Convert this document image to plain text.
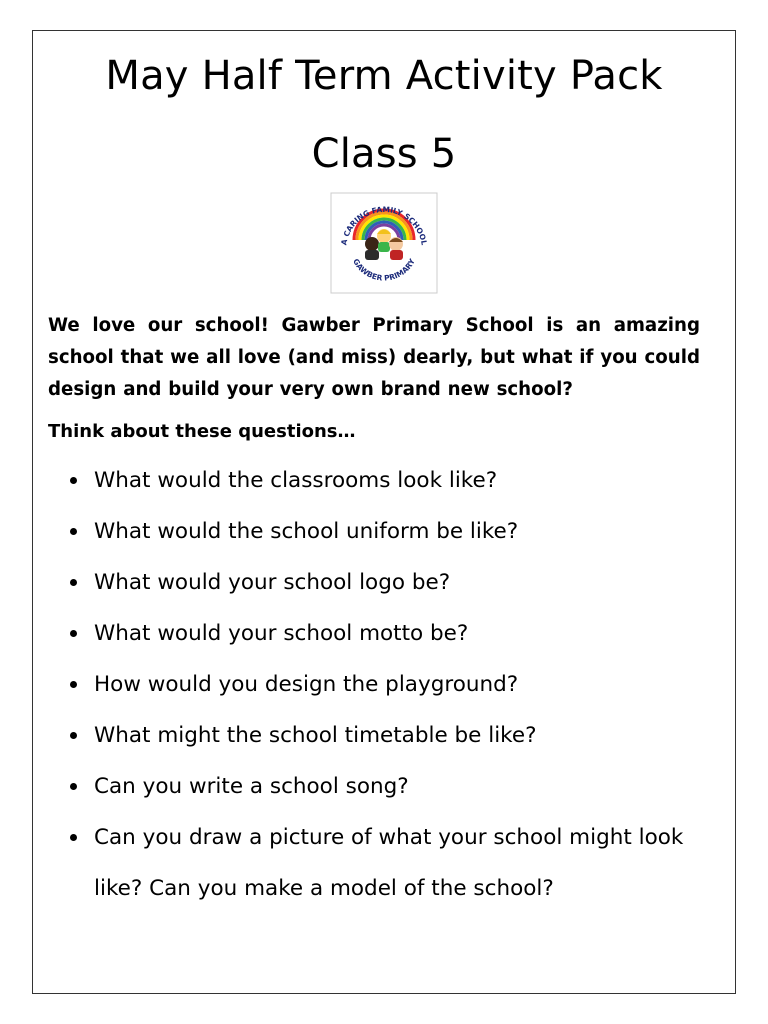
May Half Term Activity Pack
Class 5
A CARING FAMILY SCHOOL
GAWBER PRIMARY

We love our school! Gawber Primary School is an amazing school that we all love (and miss) dearly, but what if you could design and build your very own brand new school?

Think about these questions…

What would the classrooms look like?
What would the school uniform be like?
What would your school logo be?
What would your school motto be?
How would you design the playground?
What might the school timetable be like?
Can you write a school song?
Can you draw a picture of what your school might look like? Can you make a model of the school?
